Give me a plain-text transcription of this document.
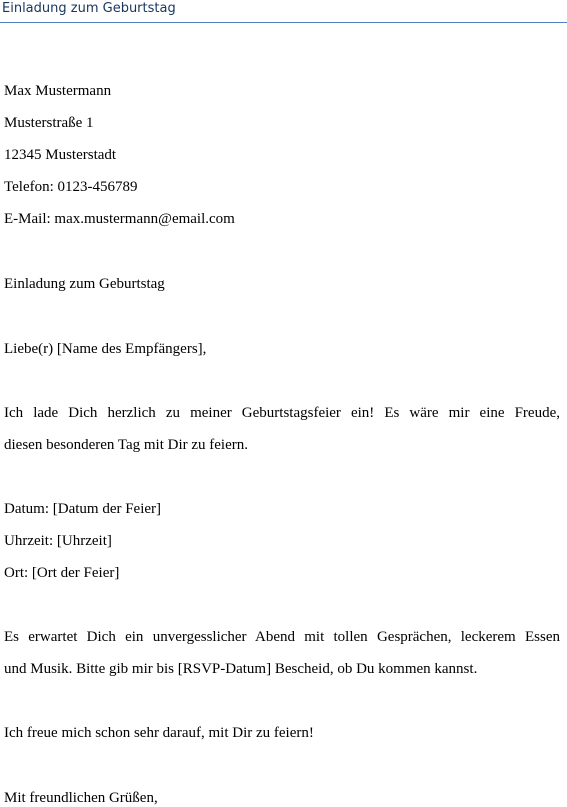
Einladung zum Geburtstag
Max Mustermann
Musterstraße 1
12345 Musterstadt
Telefon: 0123-456789
E-Mail: max.mustermann@email.com
Einladung zum Geburtstag
Liebe(r) [Name des Empfängers],
Ich lade Dich herzlich zu meiner Geburtstagsfeier ein! Es wäre mir eine Freude,
diesen besonderen Tag mit Dir zu feiern.
Datum: [Datum der Feier]
Uhrzeit: [Uhrzeit]
Ort: [Ort der Feier]
Es erwartet Dich ein unvergesslicher Abend mit tollen Gesprächen, leckerem Essen
und Musik. Bitte gib mir bis [RSVP-Datum] Bescheid, ob Du kommen kannst.
Ich freue mich schon sehr darauf, mit Dir zu feiern!
Mit freundlichen Grüßen,
